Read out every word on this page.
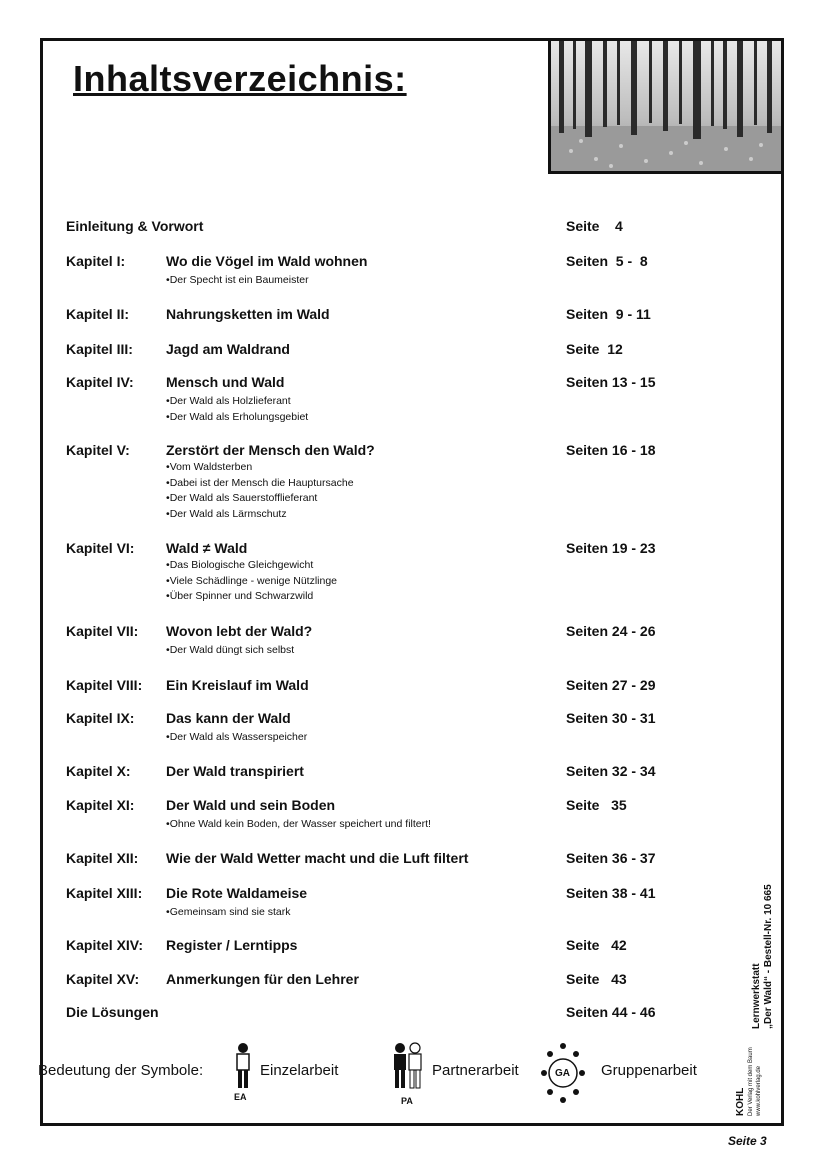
Inhaltsverzeichnis:
Einleitung & Vorwort	Seite    4
Kapitel I:	Wo die Vögel im Wald wohnen	Seiten  5 -  8
• Der Specht ist ein Baumeister
Kapitel II:	Nahrungsketten im Wald	Seiten  9 - 11
Kapitel III: Jagd am Waldrand	Seite  12
Kapitel IV: Mensch und Wald	Seiten 13 - 15
• Der Wald als Holzlieferant
• Der Wald als Erholungsgebiet
Kapitel V:	Zerstört der Mensch den Wald?	Seiten 16 - 18
• Vom Waldsterben
• Dabei ist der Mensch die Hauptursache
• Der Wald als Sauerstofflieferant
• Der Wald als Lärmschutz
Kapitel VI: Wald ≠ Wald	Seiten 19 - 23
• Das Biologische Gleichgewicht
• Viele Schädlinge - wenige Nützlinge
• Über Spinner und Schwarzwild
Kapitel VII: Wovon lebt der Wald?	Seiten 24 - 26
• Der Wald düngt sich selbst
Kapitel VIII: Ein Kreislauf im Wald	Seiten 27 - 29
Kapitel IX: Das kann der Wald	Seiten 30 - 31
• Der Wald als Wasserspeicher
Kapitel X:	Der Wald transpiriert	Seiten 32 - 34
Kapitel XI: Der Wald und sein Boden	Seite   35
• Ohne Wald kein Boden, der Wasser speichert und filtert!
Kapitel XII: Wie der Wald Wetter macht und die Luft filtert	Seiten 36 - 37
Kapitel XIII: Die Rote Waldameise	Seiten 38 - 41
• Gemeinsam sind sie stark
Kapitel XIV: Register / Lerntipps	Seite   42
Kapitel XV: Anmerkungen für den Lehrer	Seite   43
Die Lösungen	Seiten 44 - 46
Bedeutung der Symbole:
EA
Einzelarbeit
PA
Partnerarbeit	GA Gruppenarbeit
Lernwerkstatt „Der Wald“ - Bestell-Nr. 10 665
KOHL Der Verlag mit dem Baum www.kohlverlag.de
Seite 3
